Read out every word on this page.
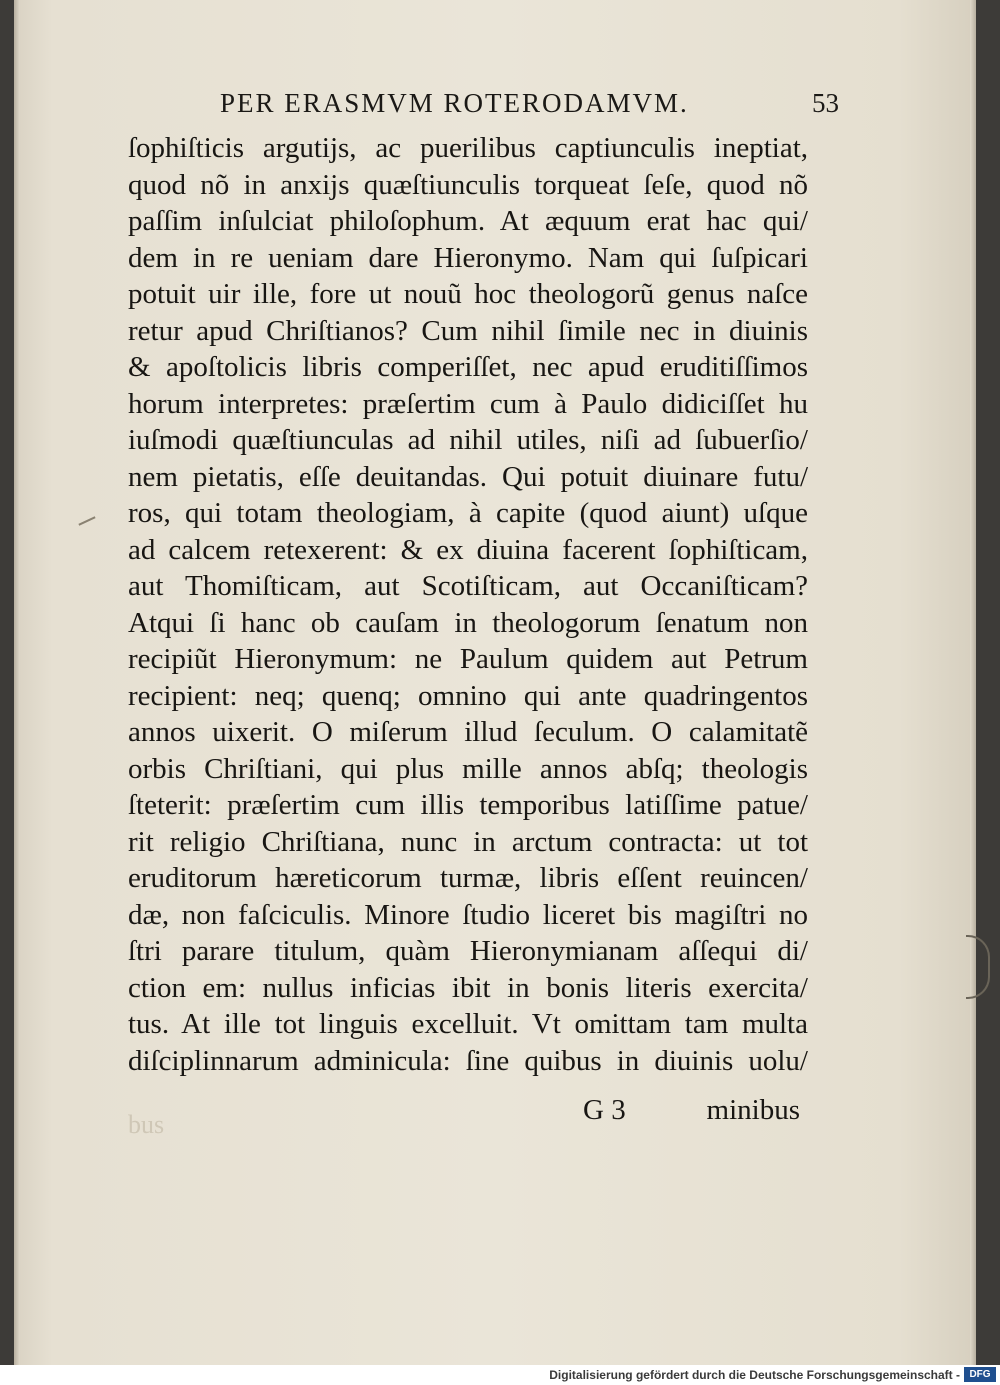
PER ERASMVM ROTERODAMVM.	53
ſophiſticis argutijs, ac puerilibus captiunculis ineptiat,
quod nõ in anxijs quæſtiunculis torqueat ſeſe, quod nõ
paſſim inſulciat philoſophum. At æquum erat hac qui/
dem in re ueniam dare Hieronymo. Nam qui ſuſpicari
potuit uir ille, fore ut nouũ hoc theologorũ genus naſce
retur apud Chriſtianos? Cum nihil ſimile nec in diuinis
& apoſtolicis libris comperiſſet, nec apud eruditiſſimos
horum interpretes: præſertim cum à Paulo didiciſſet hu
iuſmodi quæſtiunculas ad nihil utiles, niſi ad ſubuerſio/
nem pietatis, eſſe deuitandas. Qui potuit diuinare futu/
ros, qui totam theologiam, à capite (quod aiunt) uſque
ad calcem retexerent: & ex diuina facerent ſophiſticam,
aut Thomiſticam, aut Scotiſticam, aut Occaniſticam?
Atqui ſi hanc ob cauſam in theologorum ſenatum non
recipiũt Hieronymum: ne Paulum quidem aut Petrum
recipient: neq; quenq; omnino qui ante quadringentos
annos uixerit. O miſerum illud ſeculum. O calamitatẽ
orbis Chriſtiani, qui plus mille annos abſq; theologis
ſteterit: præſertim cum illis temporibus latiſſime patue/
rit religio Chriſtiana, nunc in arctum contracta: ut tot
eruditorum hæreticorum turmæ, libris eſſent reuincen/
dæ, non faſciculis. Minore ſtudio liceret bis magiſtri no
ſtri parare titulum, quàm Hieronymianam aſſequi di/
ction em: nullus inficias ibit in bonis literis exercita/
tus. At ille tot linguis excelluit. Vt omittam tam multa
diſciplinnarum adminicula: ſine quibus in diuinis uolu/
bus	G 3	minibus
Digitalisierung gefördert durch die Deutsche Forschungsgemeinschaft - DFG
